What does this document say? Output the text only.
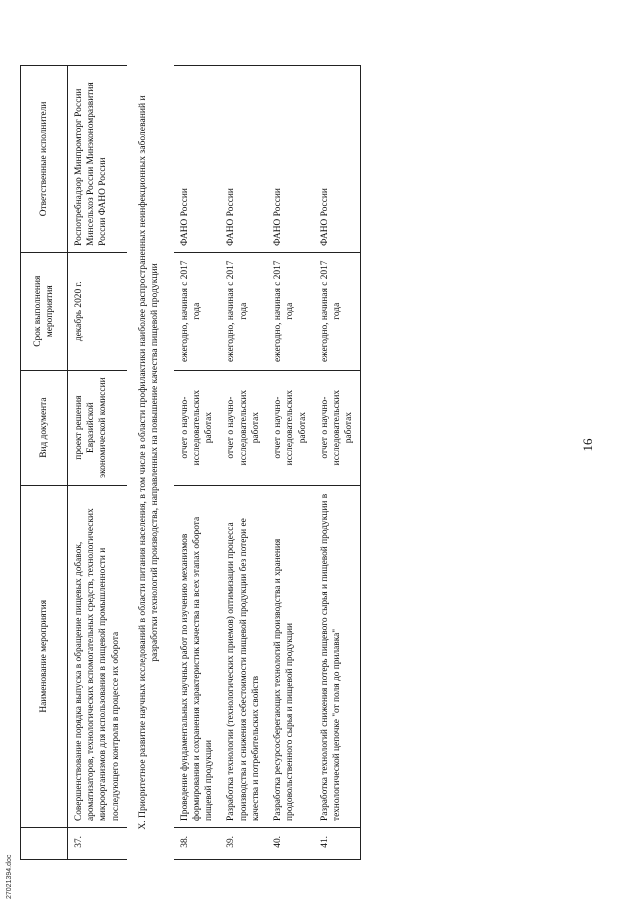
27021394.doc
16
	Наименование мероприятия	Вид документа	Срок выполнения мероприятия	Ответственные исполнители
37.	Совершенствование порядка выпуска в обращение пищевых добавок, ароматизаторов, технологических вспомогательных средств, технологических микроорганизмов для использования в пищевой промышленности и последующего контроля в процессе их оборота	проект решения Евразийской экономической комиссии	декабрь 2020 г.	Роспотребнадзор Минпромторг России Минсельхоз России Минэкономразвития России ФАНО России
X. Приоритетное развитие научных исследований в области питания населения, в том числе в области профилактики наиболее распространенных неинфекционных заболеваний и разработки технологий производства, направленных на повышение качества пищевой продукции				
38.	Проведение фундаментальных научных работ по изучению механизмов формирования и сохранения характеристик качества на всех этапах оборота пищевой продукции	отчет о научно-исследовательских работах	ежегодно, начиная с 2017 года	ФАНО России
39.	Разработка технологии (технологических приемов) оптимизации процесса производства и снижения себестоимости пищевой продукции без потери ее качества и потребительских свойств	отчет о научно-исследовательских работах	ежегодно, начиная с 2017 года	ФАНО России
40.	Разработка ресурсосберегающих технологий производства и хранения продовольственного сырья и пищевой продукции	отчет о научно-исследовательских работах	ежегодно, начиная с 2017 года	ФАНО России
41.	Разработка технологий снижения потерь пищевого сырья и пищевой продукции в технологической цепочке "от поля до прилавка"	отчет о научно-исследовательских работах	ежегодно, начиная с 2017 года	ФАНО России
